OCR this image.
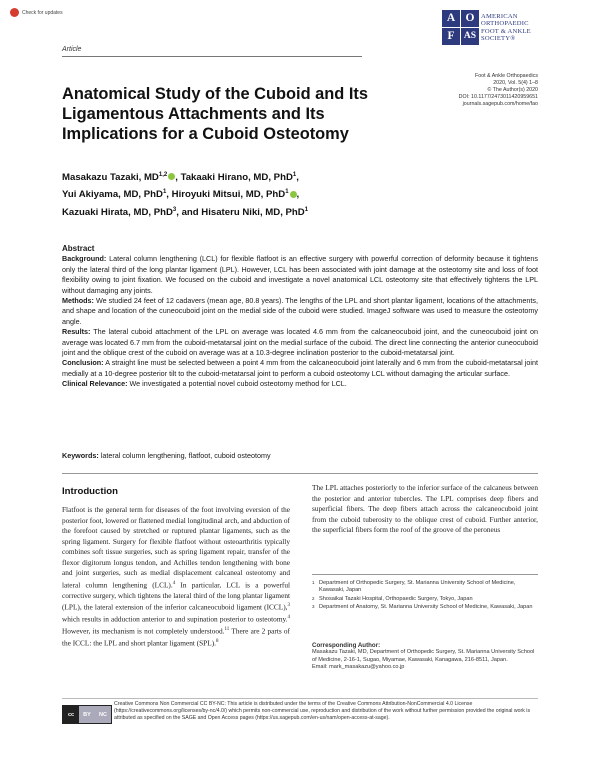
Check for updates
Article
A O
F AS
AMERICAN
ORTHOPAEDIC
FOOT & ANKLE
SOCIETY®
Foot & Ankle Orthopaedics
2020, Vol. 5(4) 1–8
© The Author(s) 2020
DOI: 10.1177/2473011420959651
journals.sagepub.com/home/fao
Anatomical Study of the Cuboid and Its Ligamentous Attachments and Its Implications for a Cuboid Osteotomy
Masakazu Tazaki, MD$^{1,2}$ , Takaaki Hirano, MD, PhD$^1$,
Yui Akiyama, MD, PhD$^1$, Hiroyuki Mitsui, MD, PhD$^1$ ,
Kazuaki Hirata, MD, PhD$^3$, and Hisateru Niki, MD, PhD$^1$
Abstract

Background: Lateral column lengthening (LCL) for flexible flatfoot is an effective surgery with powerful correction of deformity because it tightens only the lateral third of the long plantar ligament (LPL). However, LCL has been associated with joint damage at the osteotomy site and loss of foot flexibility owing to joint fixation. We focused on the cuboid and investigate a novel anatomical LCL osteotomy site that effectively tightens the LPL without damaging any joints.

Methods: We studied 24 feet of 12 cadavers (mean age, 80.8 years). The lengths of the LPL and short plantar ligament, locations of the attachments, and shape and location of the cuneocuboid joint on the medial side of the cuboid were studied. ImageJ software was used to measure the osteotomy angle.

Results: The lateral cuboid attachment of the LPL on average was located 4.6 mm from the calcaneocuboid joint, and the cuneocuboid joint on average was located 6.7 mm from the cuboid-metatarsal joint on the medial surface of the cuboid. The direct line connecting the anterior cuneocuboid joint and the oblique crest of the cuboid on average was at a 10.3-degree inclination posterior to the cuboid-metatarsal joint.

Conclusion: A straight line must be selected between a point 4 mm from the calcaneocuboid joint laterally and 6 mm from the cuboid-metatarsal joint medially at a 10-degree posterior tilt to the cuboid-metatarsal joint to perform a cuboid osteotomy LCL without damaging the articular surface.

Clinical Relevance: We investigated a potential novel cuboid osteotomy method for LCL.

Keywords: lateral column lengthening, flatfoot, cuboid osteotomy
Introduction
Flatfoot is the general term for diseases of the foot involving eversion of the posterior foot, lowered or flattened medial longitudinal arch, and abduction of the forefoot caused by stretched or ruptured plantar ligaments, such as the spring ligament. Surgery for flexible flatfoot without osteoarthritis typically combines soft tissue surgeries, such as spring ligament repair, transfer of the flexor digitorum longus tendon, and Achilles tendon lengthening with bone and joint surgeries, such as medial displacement calcaneal osteotomy and lateral column lengthening (LCL).$^4$ In particular, LCL is a powerful corrective surgery, which tightens the lateral third of the long plantar ligament (LPL), the lateral extension of the inferior calcaneocuboid ligament (ICCL),$^3$ which results in adduction anterior to and supination posterior to osteotomy.$^4$ However, its mechanism is not completely understood.$^{11}$ There are 2 parts of the ICCL: the LPL and short plantar ligament (SPL).$^8$
The LPL attaches posteriorly to the inferior surface of the calcaneus between the posterior and anterior tubercles. The LPL comprises deep fibers and superficial fibers. The deep fibers attach across the calcaneocuboid joint from the cuboid tuberosity to the oblique crest of cuboid. Further anterior, the superficial fibers form the roof of the groove of the peroneus
1 Department of Orthopedic Surgery, St. Marianna University School of Medicine, Kawasaki, Japan
2 Shosaikai Tazaki Hospital, Orthopaedic Surgery, Tokyo, Japan
3 Department of Anatomy, St. Marianna University School of Medicine, Kawasaki, Japan
Corresponding Author:
Masakazu Tazaki, MD, Department of Orthopedic Surgery, St. Marianna University School of Medicine, 2-16-1, Sugao, Miyamae, Kawasaki, Kanagawa, 216-8511, Japan.
Email: mark_masakazu@yahoo.co.jp
cc	BY	NC
Creative Commons Non Commercial CC BY-NC: This article is distributed under the terms of the Creative Commons Attribution-NonCommercial 4.0 License (https://creativecommons.org/licenses/by-nc/4.0/) which permits non-commercial use, reproduction and distribution of the work without further permission provided the original work is attributed as specified on the SAGE and Open Access pages (https://us.sagepub.com/en-us/nam/open-access-at-sage).
